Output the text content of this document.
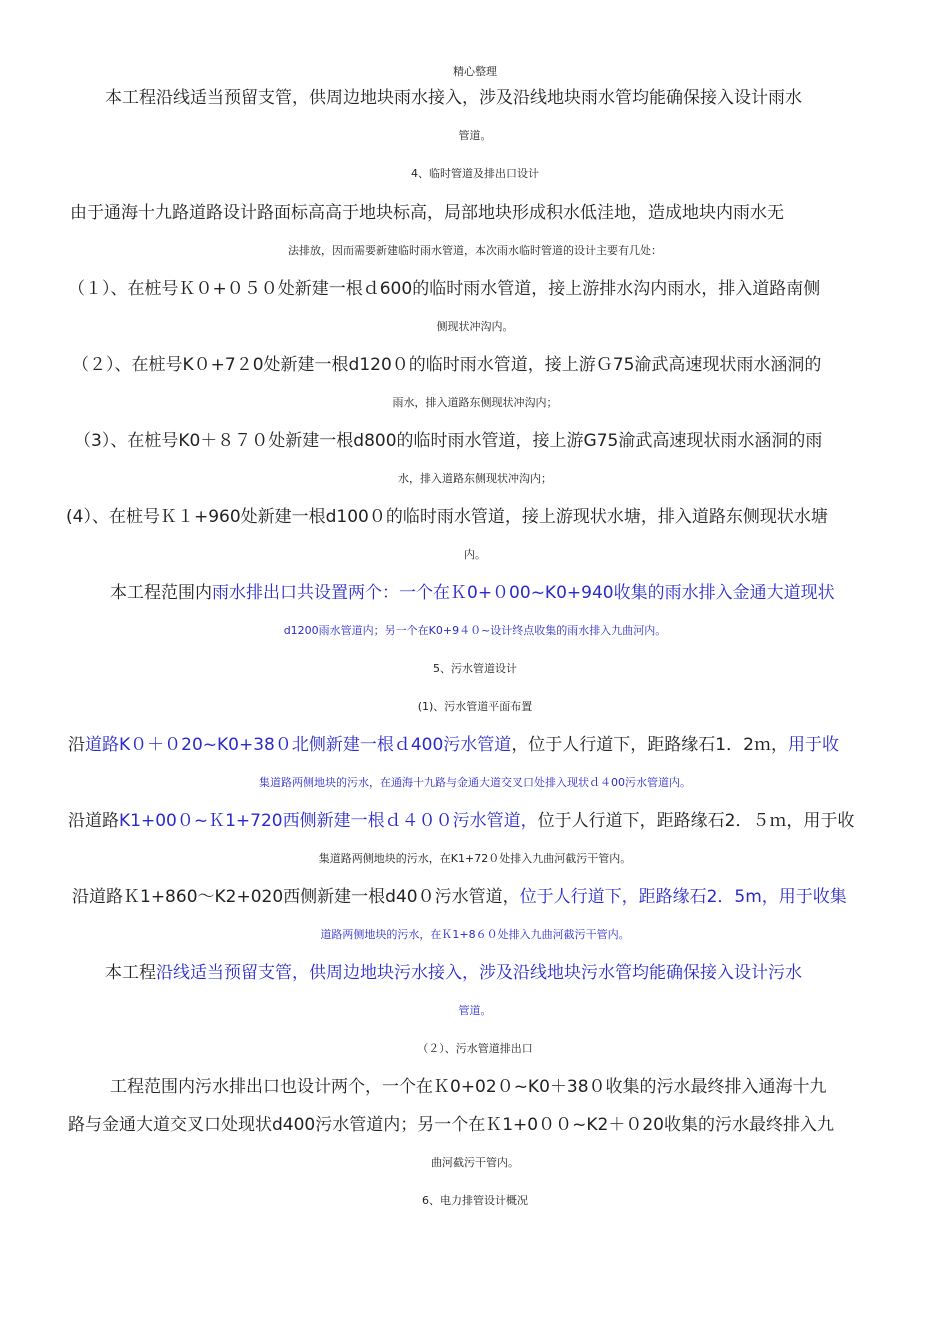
精心整理
本工程沿线适当预留支管，供周边地块雨水接入，涉及沿线地块雨水管均能确保接入设计雨水
管道。
4、临时管道及排出口设计
由于通海十九路道路设计路面标高高于地块标高，局部地块形成积水低洼地，造成地块内雨水无
法排放，因而需要新建临时雨水管道，本次雨水临时管道的设计主要有几处：
（１）、在桩号Ｋ０+０５０处新建一根ｄ600的临时雨水管道，接上游排水沟内雨水，排入道路南侧
侧现状冲沟内。
（２）、在桩号K０+7２0处新建一根d120０的临时雨水管道，接上游Ｇ75渝武高速现状雨水涵洞的
雨水，排入道路东侧现状冲沟内；
（3）、在桩号K0＋８７０处新建一根d800的临时雨水管道，接上游G75渝武高速现状雨水涵洞的雨
水，排入道路东侧现状冲沟内；
(4）、在桩号Ｋ１+960处新建一根d100０的临时雨水管道，接上游现状水塘，排入道路东侧现状水塘
内。
本工程范围内雨水排出口共设置两个：一个在Ｋ0+０00~K0+940收集的雨水排入金通大道现状
d1200雨水管道内；另一个在K0+9４０~设计终点收集的雨水排入九曲河内。
5、污水管道设计
(1)、污水管道平面布置
沿道路K０＋０20~K0+38０北侧新建一根ｄ400污水管道，位于人行道下，距路缘石1．2ｍ，用于收
集道路两侧地块的污水，在通海十九路与金通大道交叉口处排入现状ｄ４00污水管道内。
沿道路K1+00０~Ｋ1+720西侧新建一根ｄ４００污水管道，位于人行道下，距路缘石2．５ｍ，用于收
集道路两侧地块的污水，在K1+72０处排入九曲河截污干管内。
沿道路Ｋ1+860～K2+020西侧新建一根d40０污水管道，位于人行道下，距路缘石2．5m，用于收集
道路两侧地块的污水，在Ｋ1+8６０处排入九曲河截污干管内。
本工程沿线适当预留支管，供周边地块污水接入，涉及沿线地块污水管均能确保接入设计污水
管道。
（２）、污水管道排出口
工程范围内污水排出口也设计两个，一个在Ｋ0+02０~K0＋38０收集的污水最终排入通海十九
路与金通大道交叉口处现状d400污水管道内；另一个在Ｋ1+0００~K2＋０20收集的污水最终排入九
曲河截污干管内。
6、电力排管设计概况
